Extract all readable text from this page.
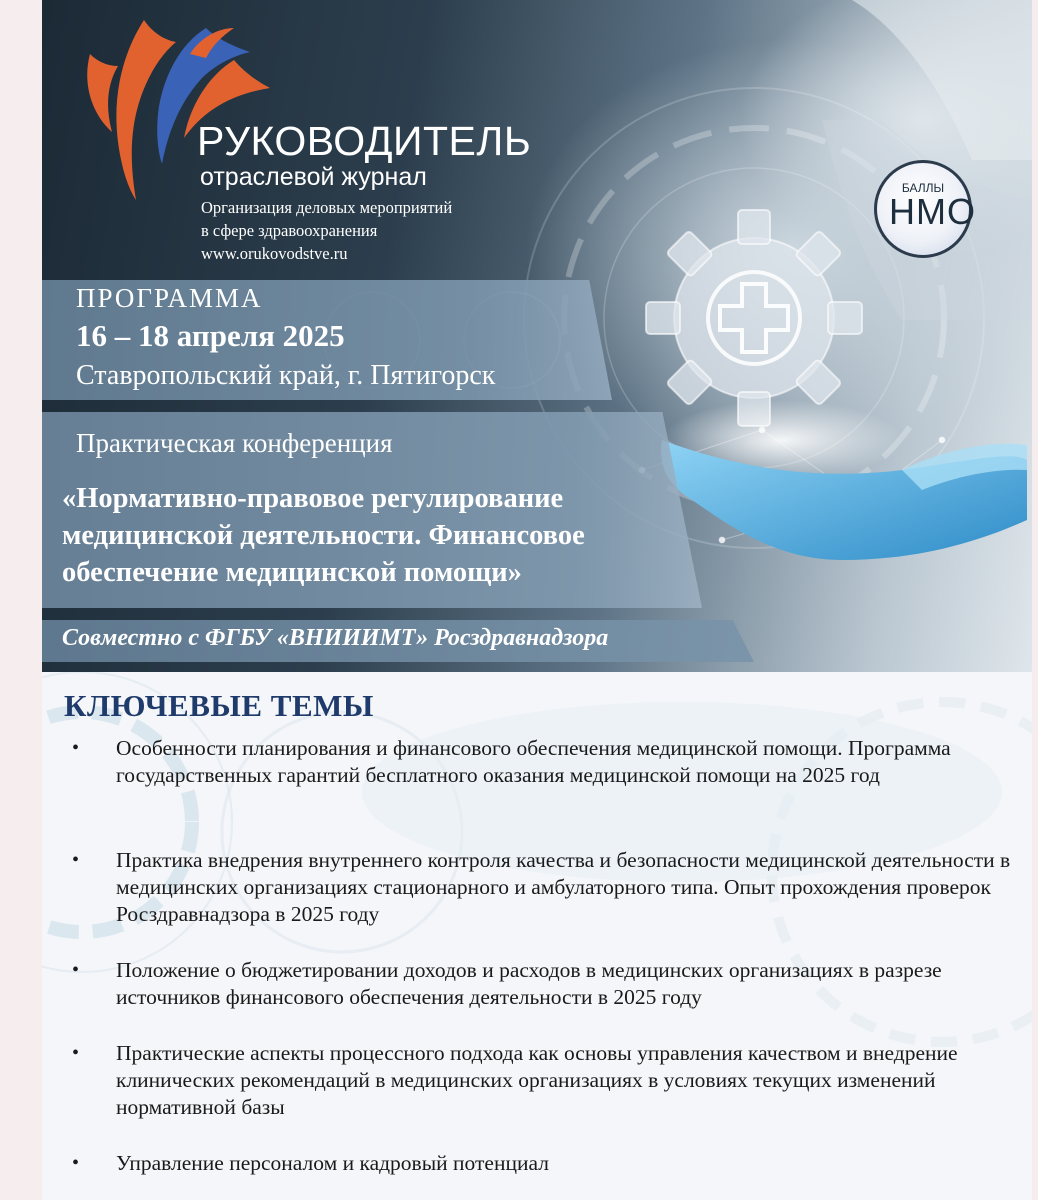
РУКОВОДИТЕЛЬ

отраслевой журнал

Организация деловых мероприятий

в сфере здравоохранения

www.orukovodstve.ru

БАЛЛЫ
НМО

ПРОГРАММА

16 – 18 апреля 2025

Ставропольский край, г. Пятигорск

Практическая конференция

«Нормативно-правовое регулирование медицинской деятельности. Финансовое обеспечение медицинской помощи»

Совместно с ФГБУ «ВНИИИМТ» Росздравнадзора

КЛЮЧЕВЫЕ ТЕМЫ
• Особенности планирования и финансового обеспечения медицинской помощи. Программа государственных гарантий бесплатного оказания медицинской помощи на 2025 год

• Практика внедрения внутреннего контроля качества и безопасности медицинской деятельности в медицинских организациях стационарного и амбулаторного типа. Опыт прохождения проверок Росздравнадзора в 2025 году

• Положение о бюджетировании доходов и расходов в медицинских организациях в разрезе источников финансового обеспечения деятельности в 2025 году

• Практические аспекты процессного подхода как основы управления качеством и внедрение клинических рекомендаций в медицинских организациях в условиях текущих изменений нормативной базы

• Управление персоналом и кадровый потенциал
